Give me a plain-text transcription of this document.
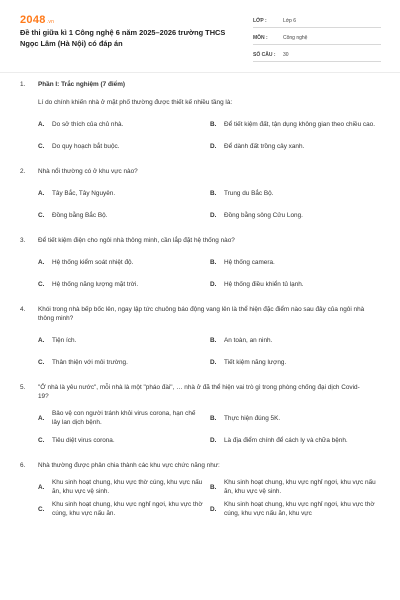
2048.vn
Đề thi giữa kì 1 Công nghệ 6 năm 2025–2026 trường THCS Ngọc Lâm (Hà Nội) có đáp án
LỚP :	Lớp 6
MÔN :	Công nghệ
SỐ CÂU :	30
1.	Phần I: Trắc nghiệm (7 điểm)
Lí do chính khiến nhà ở mặt phố thường được thiết kế nhiều tầng là:
A.	Do sở thích của chủ nhà.	B.	Để tiết kiệm đất, tận dụng không gian theo chiều cao.
C.	Do quy hoạch bắt buộc.	D.	Để dành đất trồng cây xanh.
2.	Nhà nổi thường có ở khu vực nào?
A.	Tây Bắc, Tây Nguyên.	B.	Trung du Bắc Bộ.
C.	Đồng bằng Bắc Bộ.	D.	Đồng bằng sông Cửu Long.
3.	Để tiết kiệm điện cho ngôi nhà thông minh, cần lắp đặt hệ thống nào?
A.	Hệ thống kiểm soát nhiệt độ.	B.	Hệ thống camera.
C.	Hệ thống năng lượng mặt trời.	D.	Hệ thống điều khiển tủ lạnh.
4.	Khói trong nhà bếp bốc lên, ngay lập tức chuông báo động vang lên là thể hiện đặc điểm nào sau đây của ngôi nhà thông minh?
A.	Tiện ích.	B.	An toàn, an ninh.
C.	Thân thiện với môi trường.	D.	Tiết kiệm năng lượng.
5.	"Ở nhà là yêu nước", mỗi nhà là một "pháo đài", … nhà ở đã thể hiện vai trò gì trong phòng chống đại dịch Covid-19?
A.
Bảo vệ con người tránh khỏi virus corona, hạn chế lây lan dịch bệnh.
B.	Thực hiện đúng 5K.
C.	Tiêu diệt virus corona.	D.	Là địa điểm chính để cách ly và chữa bệnh.
6.	Nhà thường được phân chia thành các khu vực chức năng như:
A.
Khu sinh hoạt chung, khu vực thờ cúng, khu vực nấu ăn, khu vực vệ sinh.
B.
Khu sinh hoạt chung, khu vực nghỉ ngơi, khu vực nấu ăn, khu vực vệ sinh.
C.
Khu sinh hoạt chung, khu vực nghỉ ngơi, khu vực thờ cúng, khu vực nấu ăn.
D.
Khu sinh hoạt chung, khu vực nghỉ ngơi, khu vực thờ cúng, khu vực nấu ăn, khu vực
